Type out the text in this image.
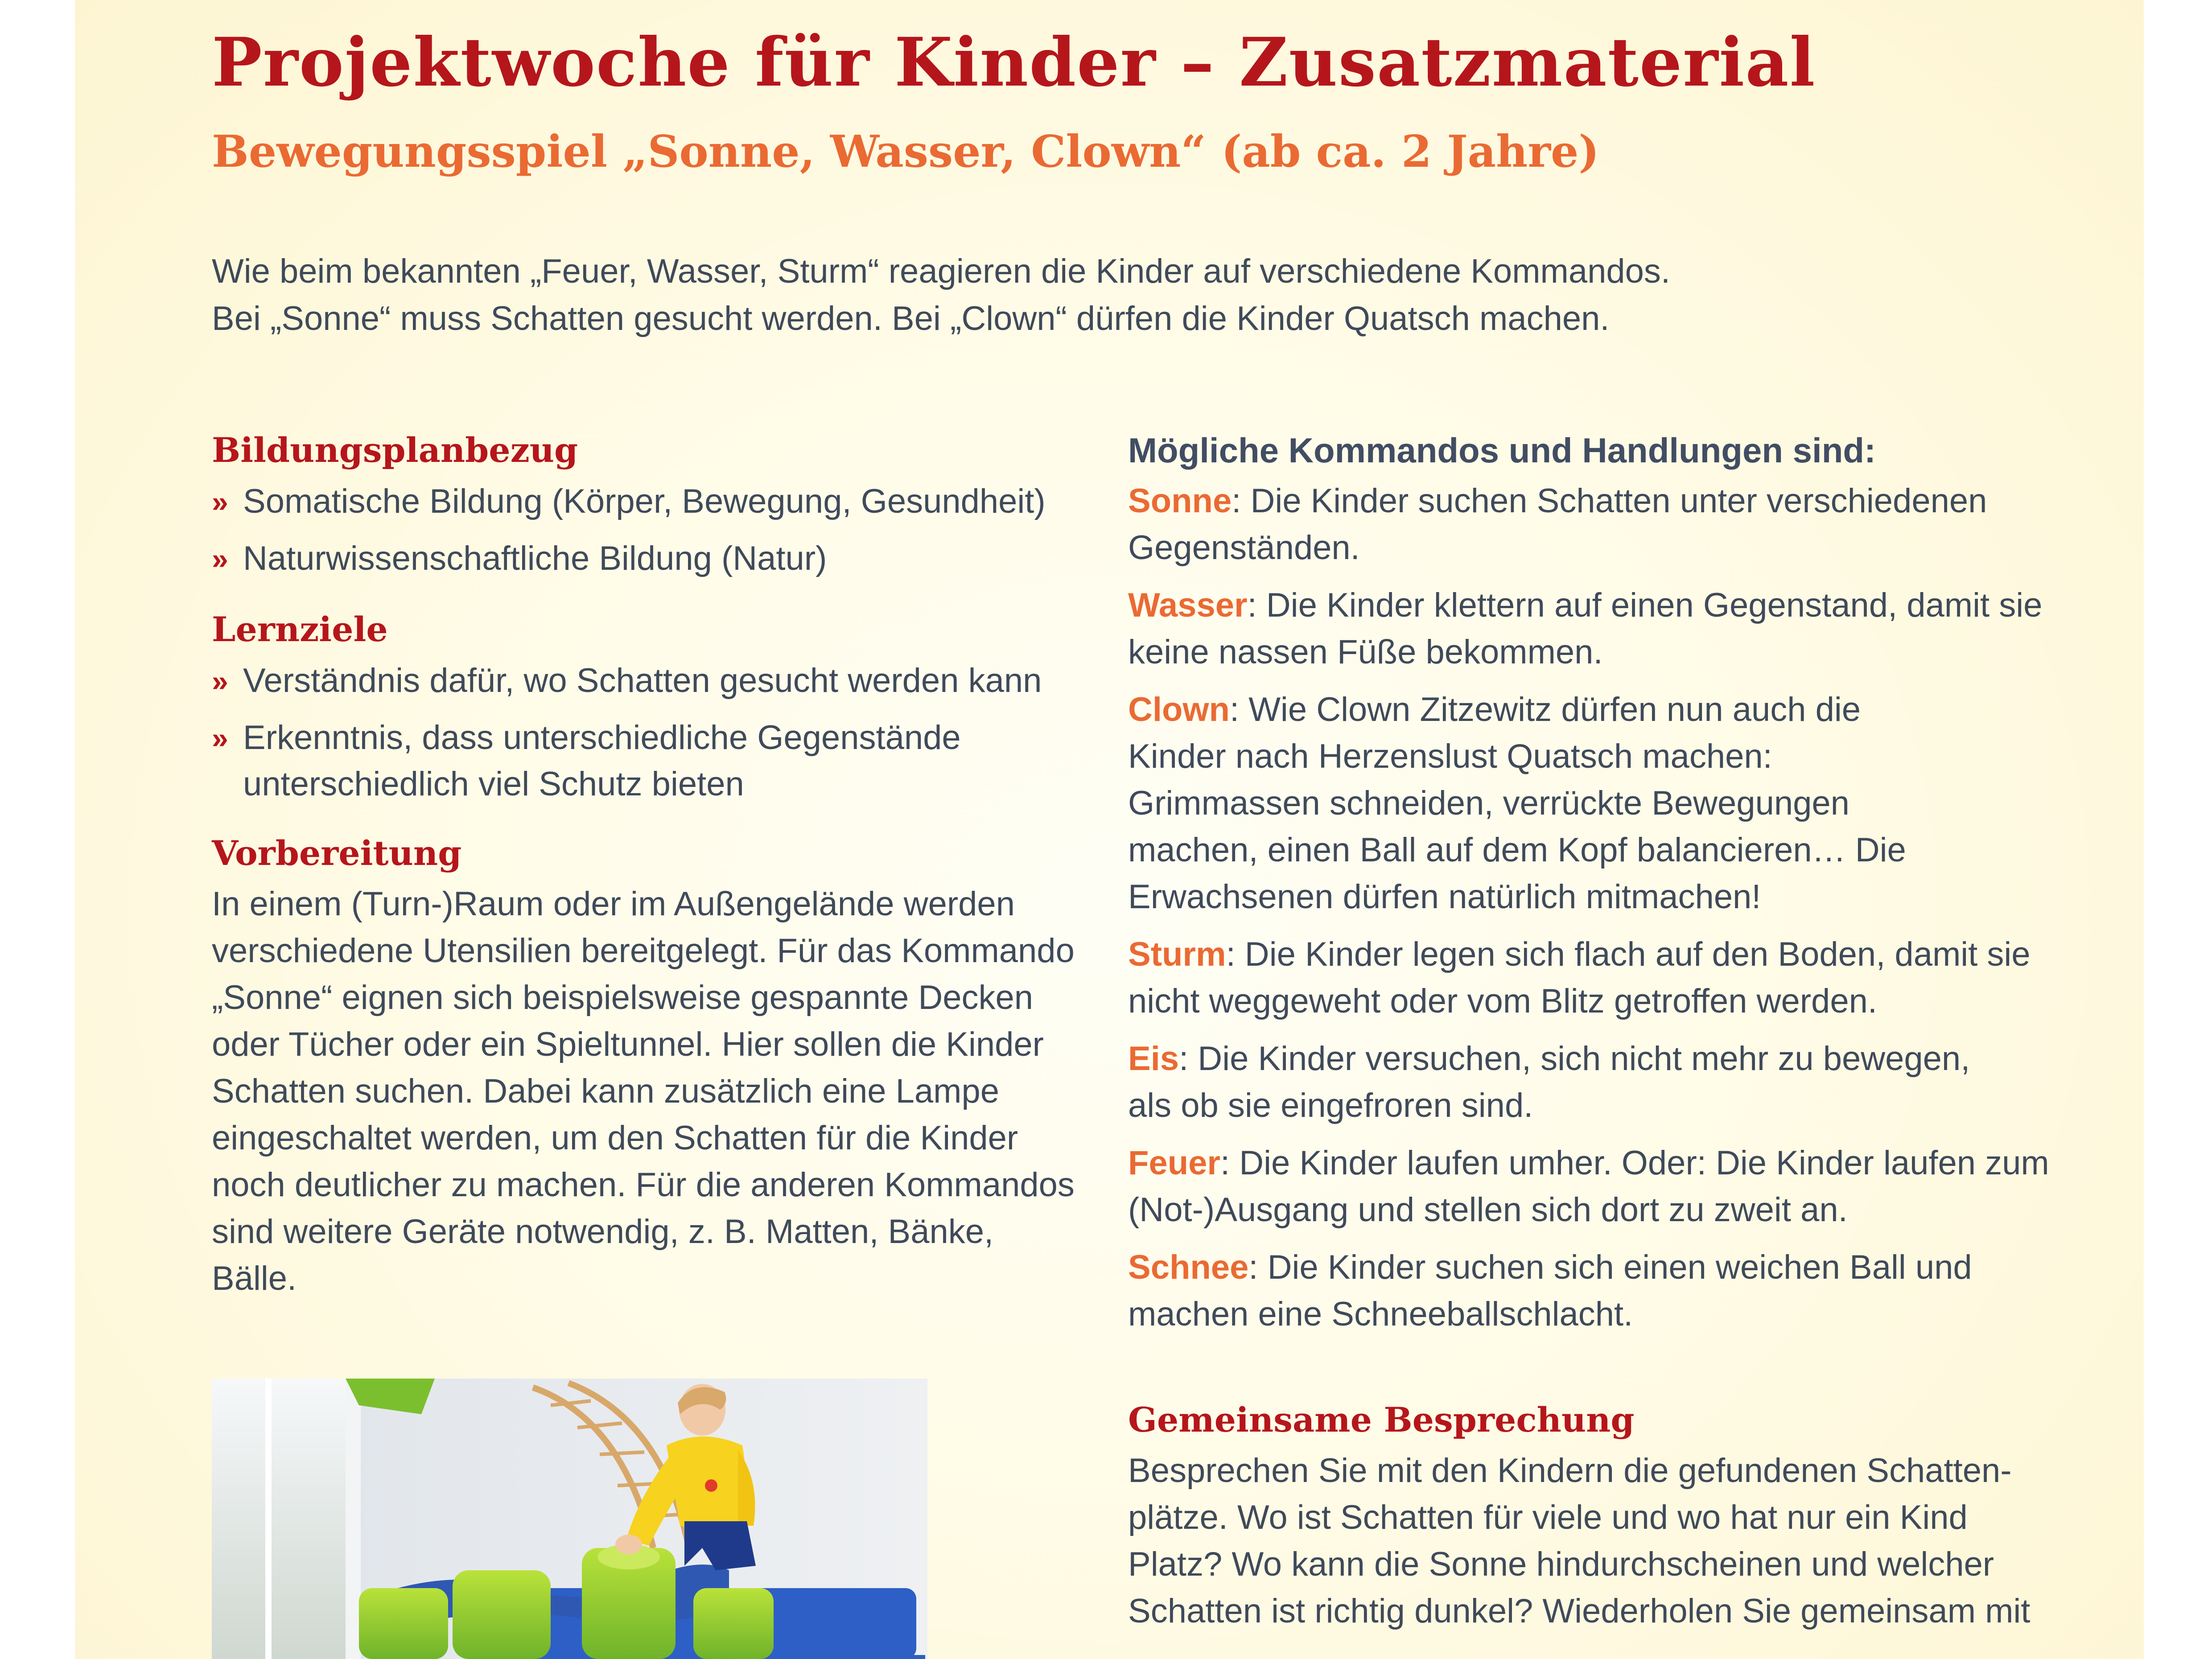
Projektwoche für Kinder – Zusatzmaterial
Bewegungsspiel „Sonne, Wasser, Clown“ (ab ca. 2 Jahre)

Wie beim bekannten „Feuer, Wasser, Sturm“ reagieren die Kinder auf verschiedene Kommandos.

Bei „Sonne“ muss Schatten gesucht werden. Bei „Clown“ dürfen die Kinder Quatsch machen.

Bildungsplanbezug
» Somatische Bildung (Körper, Bewegung, Gesundheit)
» Naturwissenschaftliche Bildung (Natur)
Lernziele
» Verständnis dafür, wo Schatten gesucht werden kann
» Erkenntnis, dass unterschiedliche Gegenstände unterschiedlich viel Schutz bieten
Vorbereitung

In einem (Turn-)Raum oder im Außengelände werden verschiedene Utensilien bereitgelegt. Für das Kommando „Sonne“ eignen sich beispielsweise gespannte Decken oder Tücher oder ein Spieltunnel. Hier sollen die Kinder Schatten suchen. Dabei kann zusätzlich eine Lampe eingeschaltet werden, um den Schatten für die Kinder noch deutlicher zu machen. Für die anderen Kommandos sind weitere Geräte notwendig, z. B. Matten, Bänke, Bälle.

Mögliche Kommandos und Handlungen sind:

Sonne: Die Kinder suchen Schatten unter verschiedenen Gegenständen.

Wasser: Die Kinder klettern auf einen Gegenstand, damit sie keine nassen Füße bekommen.

Clown: Wie Clown Zitzewitz dürfen nun auch die Kinder nach Herzenslust Quatsch machen: Grimmassen schneiden, verrückte Bewegungen machen, einen Ball auf dem Kopf balancieren… Die Erwachsenen dürfen natürlich mitmachen!

Sturm: Die Kinder legen sich flach auf den Boden, damit sie nicht weggeweht oder vom Blitz getroffen werden.

Eis: Die Kinder versuchen, sich nicht mehr zu bewegen, als ob sie eingefroren sind.

Feuer: Die Kinder laufen umher. Oder: Die Kinder laufen zum (Not-)Ausgang und stellen sich dort zu zweit an.

Schnee: Die Kinder suchen sich einen weichen Ball und machen eine Schneeballschlacht.

Gemeinsame Besprechung

Besprechen Sie mit den Kindern die gefundenen Schattenplätze. Wo ist Schatten für viele und wo hat nur ein Kind Platz? Wo kann die Sonne hindurchscheinen und welcher Schatten ist richtig dunkel? Wiederholen Sie gemeinsam mit
